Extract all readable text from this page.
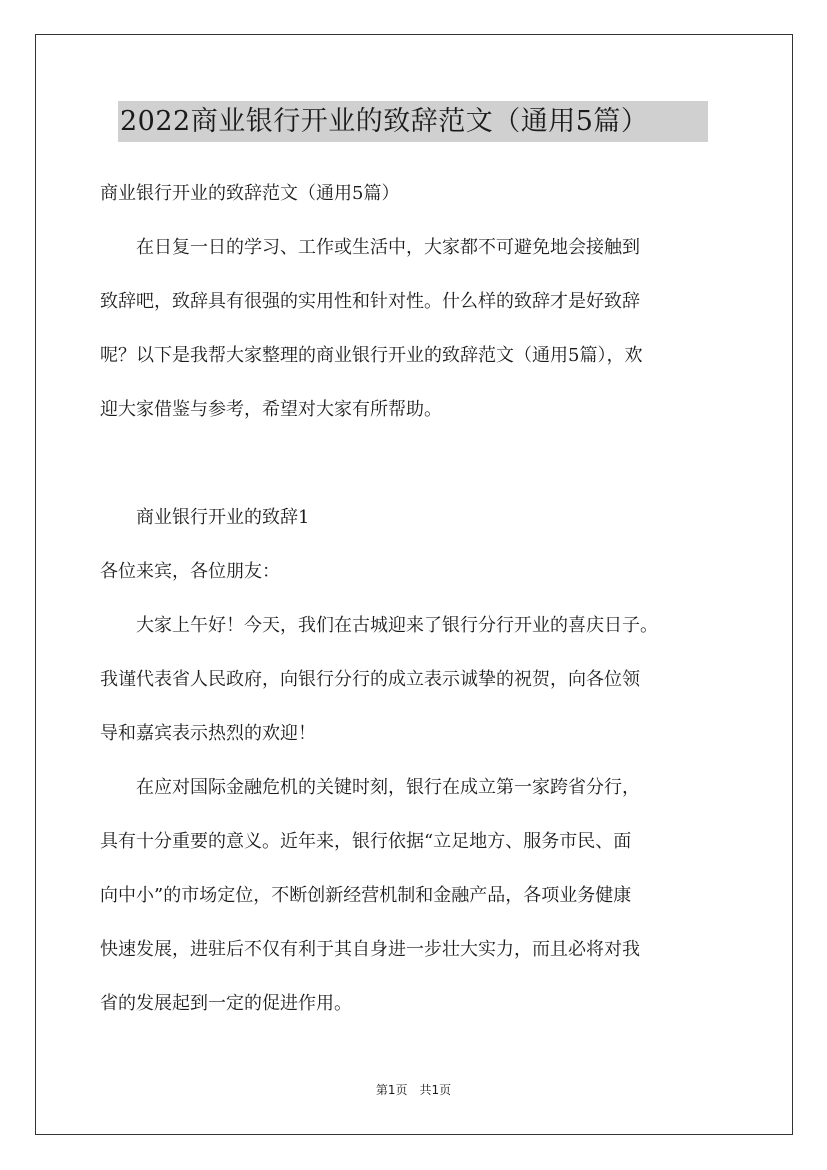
2022商业银行开业的致辞范文（通用5篇）
商业银行开业的致辞范文（通用5篇）
　　在日复一日的学习、工作或生活中，大家都不可避免地会接触到
致辞吧，致辞具有很强的实用性和针对性。什么样的致辞才是好致辞
呢？以下是我帮大家整理的商业银行开业的致辞范文（通用5篇），欢
迎大家借鉴与参考，希望对大家有所帮助。
　　商业银行开业的致辞1
各位来宾，各位朋友：
　　大家上午好！今天，我们在古城迎来了银行分行开业的喜庆日子。
我谨代表省人民政府，向银行分行的成立表示诚挚的祝贺，向各位领
导和嘉宾表示热烈的欢迎！
　　在应对国际金融危机的关键时刻，银行在成立第一家跨省分行，
具有十分重要的意义。近年来，银行依据“立足地方、服务市民、面
向中小”的市场定位，不断创新经营机制和金融产品，各项业务健康
快速发展，进驻后不仅有利于其自身进一步壮大实力，而且必将对我
省的发展起到一定的促进作用。
第1页　共1页
